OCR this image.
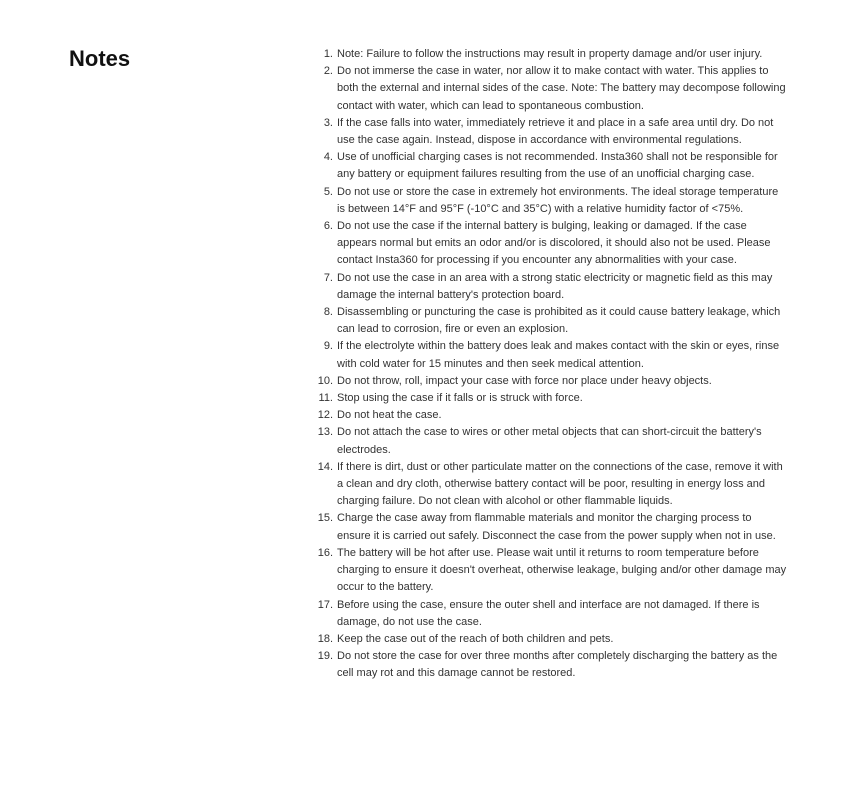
Notes	1. Note: Failure to follow the instructions may result in property damage and/or user injury.
2. Do not immerse the case in water, nor allow it to make contact with water. This applies to both the external and internal sides of the case. Note: The battery may decompose following contact with water, which can lead to spontaneous combustion.
3. If the case falls into water, immediately retrieve it and place in a safe area until dry. Do not use the case again. Instead, dispose in accordance with environmental regulations.
4. Use of unofficial charging cases is not recommended. Insta360 shall not be responsible for any battery or equipment failures resulting from the use of an unofficial charging case.
5. Do not use or store the case in extremely hot environments. The ideal storage temperature is between 14°F and 95°F (-10°C and 35°C) with a relative humidity factor of <75%.
6. Do not use the case if the internal battery is bulging, leaking or damaged. If the case appears normal but emits an odor and/or is discolored, it should also not be used. Please contact Insta360 for processing if you encounter any abnormalities with your case.
7. Do not use the case in an area with a strong static electricity or magnetic field as this may damage the internal battery's protection board.
8. Disassembling or puncturing the case is prohibited as it could cause battery leakage, which can lead to corrosion, fire or even an explosion.
9. If the electrolyte within the battery does leak and makes contact with the skin or eyes, rinse with cold water for 15 minutes and then seek medical attention.
10. Do not throw, roll, impact your case with force nor place under heavy objects.
11. Stop using the case if it falls or is struck with force.
12. Do not heat the case.
13. Do not attach the case to wires or other metal objects that can short-circuit the battery's electrodes.
14. If there is dirt, dust or other particulate matter on the connections of the case, remove it with a clean and dry cloth, otherwise battery contact will be poor, resulting in energy loss and charging failure. Do not clean with alcohol or other flammable liquids.
15. Charge the case away from flammable materials and monitor the charging process to ensure it is carried out safely. Disconnect the case from the power supply when not in use.
16. The battery will be hot after use. Please wait until it returns to room temperature before charging to ensure it doesn't overheat, otherwise leakage, bulging and/or other damage may occur to the battery.
17. Before using the case, ensure the outer shell and interface are not damaged. If there is damage, do not use the case.
18. Keep the case out of the reach of both children and pets.
19. Do not store the case for over three months after completely discharging the battery as the cell may rot and this damage cannot be restored.
